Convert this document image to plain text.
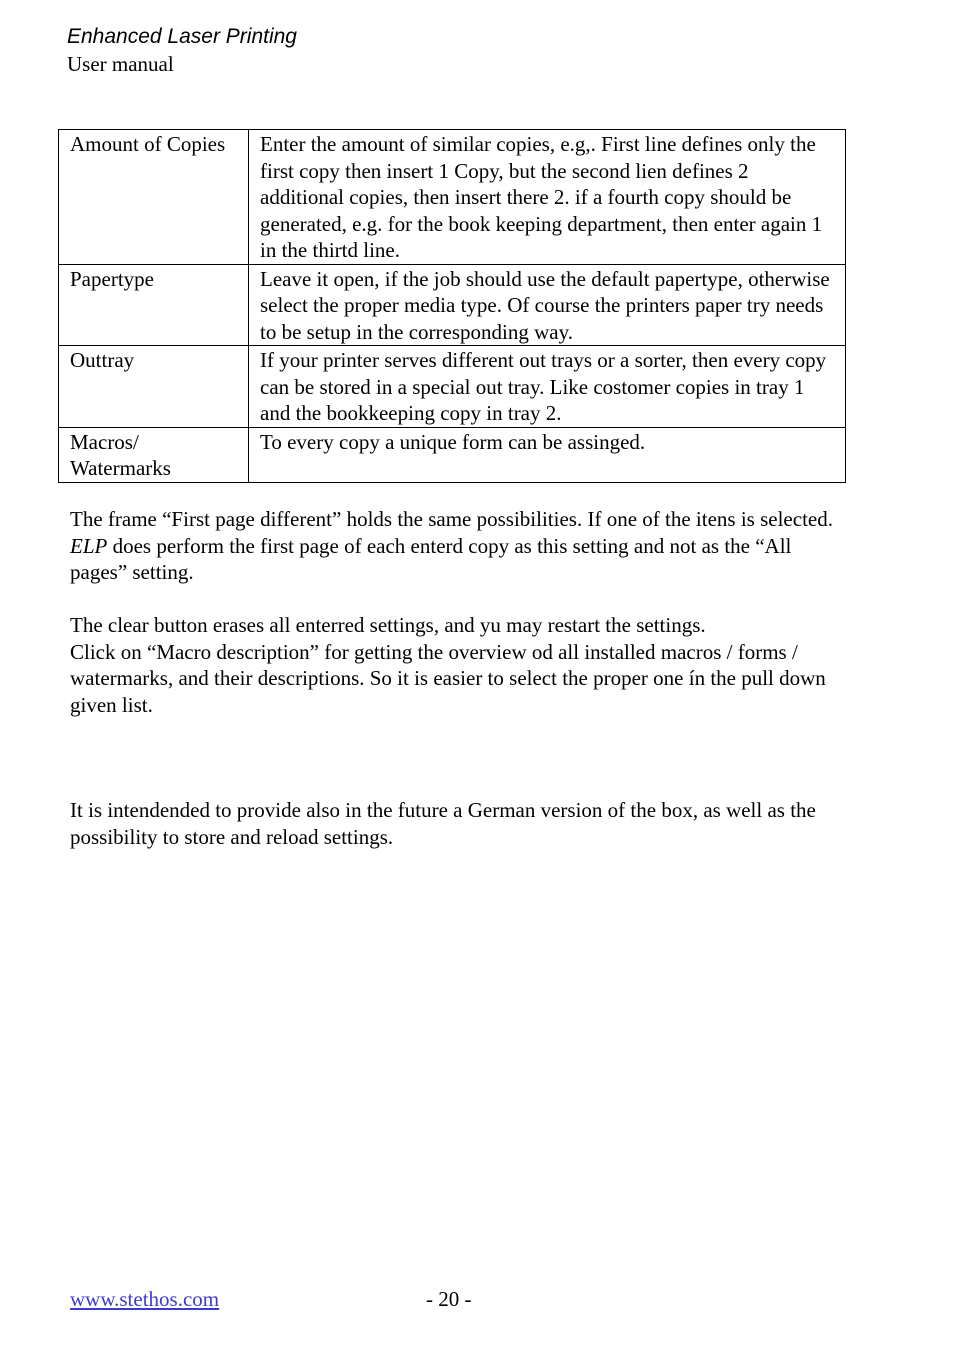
Enhanced Laser Printing
User manual
Amount of Copies	Enter the amount of similar copies, e.g,. First line defines only the first copy then insert 1 Copy, but the second lien defines 2 additional copies, then insert there 2. if a fourth copy should be generated, e.g. for the book keeping department, then enter again 1 in the thirtd line.
Papertype	Leave it open, if the job should use the default papertype, otherwise select the proper media type. Of course the printers paper try needs to be setup in the corresponding way.
Outtray	If your printer serves different out trays or a sorter, then every copy can be stored in a special out tray. Like costomer copies in tray 1 and the bookkeeping copy in tray 2.
Macros/ Watermarks	To every copy a unique form can be assinged.

The frame “First page different” holds the same possibilities. If one of the itens is selected. ELP does perform the first page of each enterd copy as this setting and not as the “All pages” setting.

The clear button erases all enterred settings, and yu may restart the settings.
Click on “Macro description” for getting the overview od all installed macros / forms / watermarks, and their descriptions. So it is easier to select the proper one ín the pull down given list.

It is intendended to provide also in the future a German version of the box, as well as the possibility to store and reload settings.

www.stethos.com	- 20 -
